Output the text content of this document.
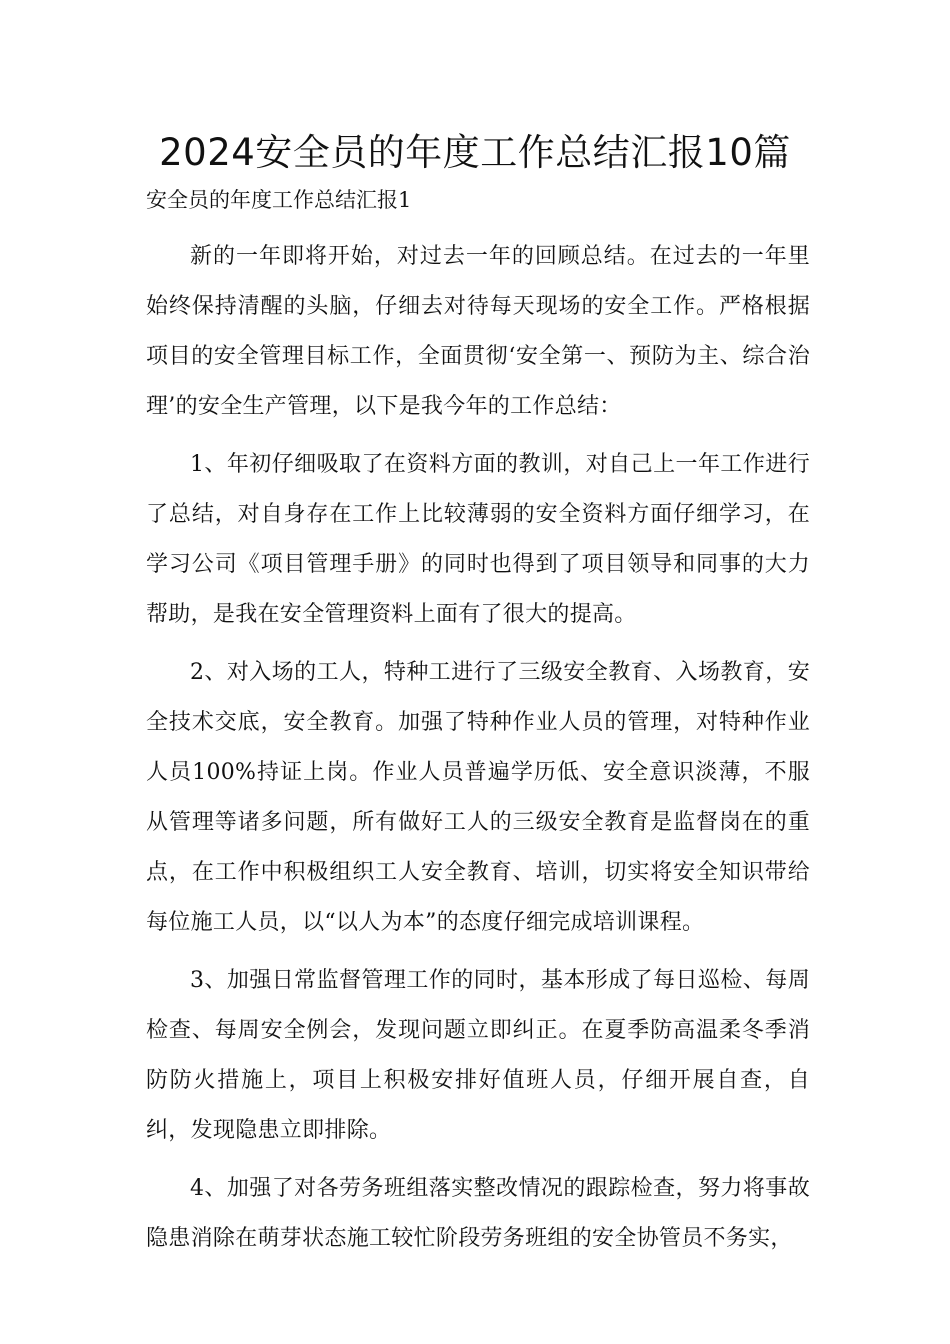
2024安全员的年度工作总结汇报10篇

安全员的年度工作总结汇报1

新的一年即将开始，对过去一年的回顾总结。在过去的一年里始终保持清醒的头脑，仔细去对待每天现场的安全工作。严格根据项目的安全管理目标工作，全面贯彻‘安全第一、预防为主、综合治理’的安全生产管理，以下是我今年的工作总结：

1、年初仔细吸取了在资料方面的教训，对自己上一年工作进行了总结，对自身存在工作上比较薄弱的安全资料方面仔细学习，在学习公司《项目管理手册》的同时也得到了项目领导和同事的大力帮助，是我在安全管理资料上面有了很大的提高。

2、对入场的工人，特种工进行了三级安全教育、入场教育，安全技术交底，安全教育。加强了特种作业人员的管理，对特种作业人员100%持证上岗。作业人员普遍学历低、安全意识淡薄，不服从管理等诸多问题，所有做好工人的三级安全教育是监督岗在的重点，在工作中积极组织工人安全教育、培训，切实将安全知识带给每位施工人员，以“以人为本”的态度仔细完成培训课程。

3、加强日常监督管理工作的同时，基本形成了每日巡检、每周检查、每周安全例会，发现问题立即纠正。在夏季防高温柔冬季消防防火措施上，项目上积极安排好值班人员，仔细开展自查，自纠，发现隐患立即排除。

4、加强了对各劳务班组落实整改情况的跟踪检查，努力将事故隐患消除在萌芽状态施工较忙阶段劳务班组的安全协管员不务实，
